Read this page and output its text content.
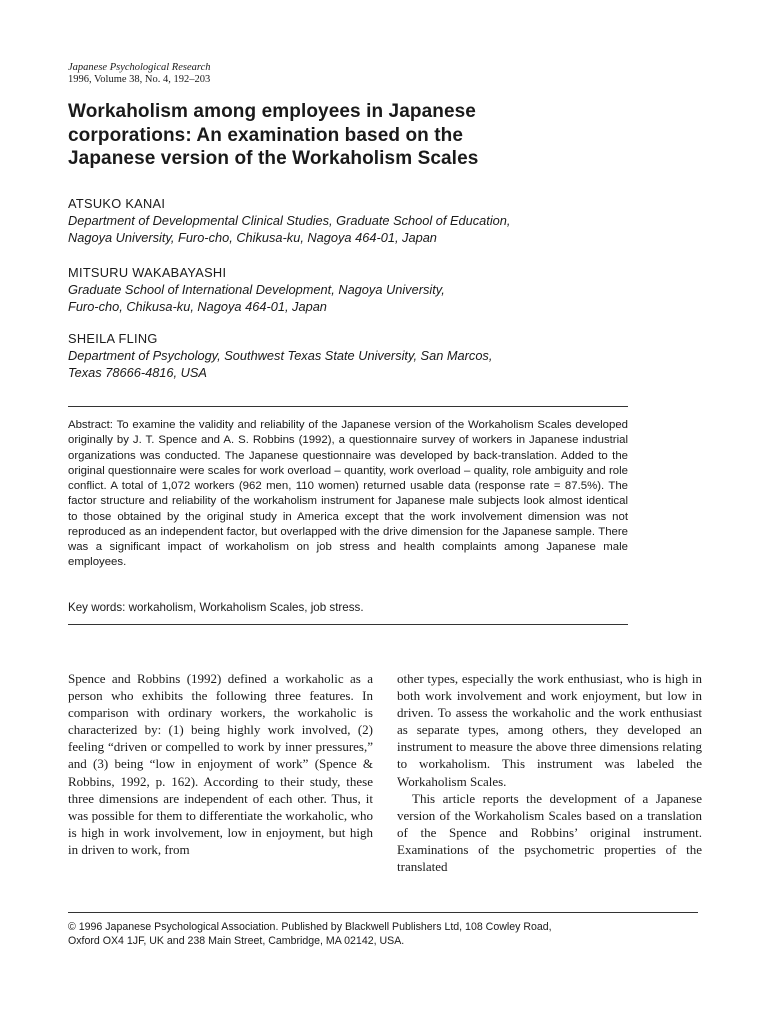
Japanese Psychological Research
1996, Volume 38, No. 4, 192–203
Workaholism among employees in Japanese
corporations: An examination based on the
Japanese version of the Workaholism Scales
ATSUKO KANAI
Department of Developmental Clinical Studies, Graduate School of Education,
Nagoya University, Furo-cho, Chikusa-ku, Nagoya 464-01, Japan
MITSURU WAKABAYASHI
Graduate School of International Development, Nagoya University,
Furo-cho, Chikusa-ku, Nagoya 464-01, Japan
SHEILA FLING
Department of Psychology, Southwest Texas State University, San Marcos,
Texas 78666-4816, USA
Abstract: To examine the validity and reliability of the Japanese version of the Workaholism Scales developed originally by J. T. Spence and A. S. Robbins (1992), a questionnaire survey of workers in Japanese industrial organizations was conducted. The Japanese questionnaire was developed by back-translation. Added to the original questionnaire were scales for work overload – quantity, work overload – quality, role ambiguity and role conflict. A total of 1,072 workers (962 men, 110 women) returned usable data (response rate = 87.5%). The factor structure and reliability of the workaholism instrument for Japanese male subjects look almost identical to those obtained by the original study in America except that the work involvement dimension was not reproduced as an independent factor, but overlapped with the drive dimension for the Japanese sample. There was a significant impact of workaholism on job stress and health complaints among Japanese male employees.
Key words: workaholism, Workaholism Scales, job stress.

Spence and Robbins (1992) defined a workaholic as a person who exhibits the following three features. In comparison with ordinary workers, the workaholic is characterized by: (1) being highly work involved, (2) feeling “driven or compelled to work by inner pressures,” and (3) being “low in enjoyment of work” (Spence & Robbins, 1992, p. 162). According to their study, these three dimensions are independent of each other. Thus, it was possible for them to differentiate the workaholic, who is high in work involvement, low in enjoyment, but high in driven to work, from

other types, especially the work enthusiast, who is high in both work involvement and work enjoyment, but low in driven. To assess the workaholic and the work enthusiast as separate types, among others, they developed an instrument to measure the above three dimensions relating to workaholism. This instrument was labeled the Workaholism Scales.

This article reports the development of a Japanese version of the Workaholism Scales based on a translation of the Spence and Robbins’ original instrument. Examinations of the psychometric properties of the translated

© 1996 Japanese Psychological Association. Published by Blackwell Publishers Ltd, 108 Cowley Road,
Oxford OX4 1JF, UK and 238 Main Street, Cambridge, MA 02142, USA.
